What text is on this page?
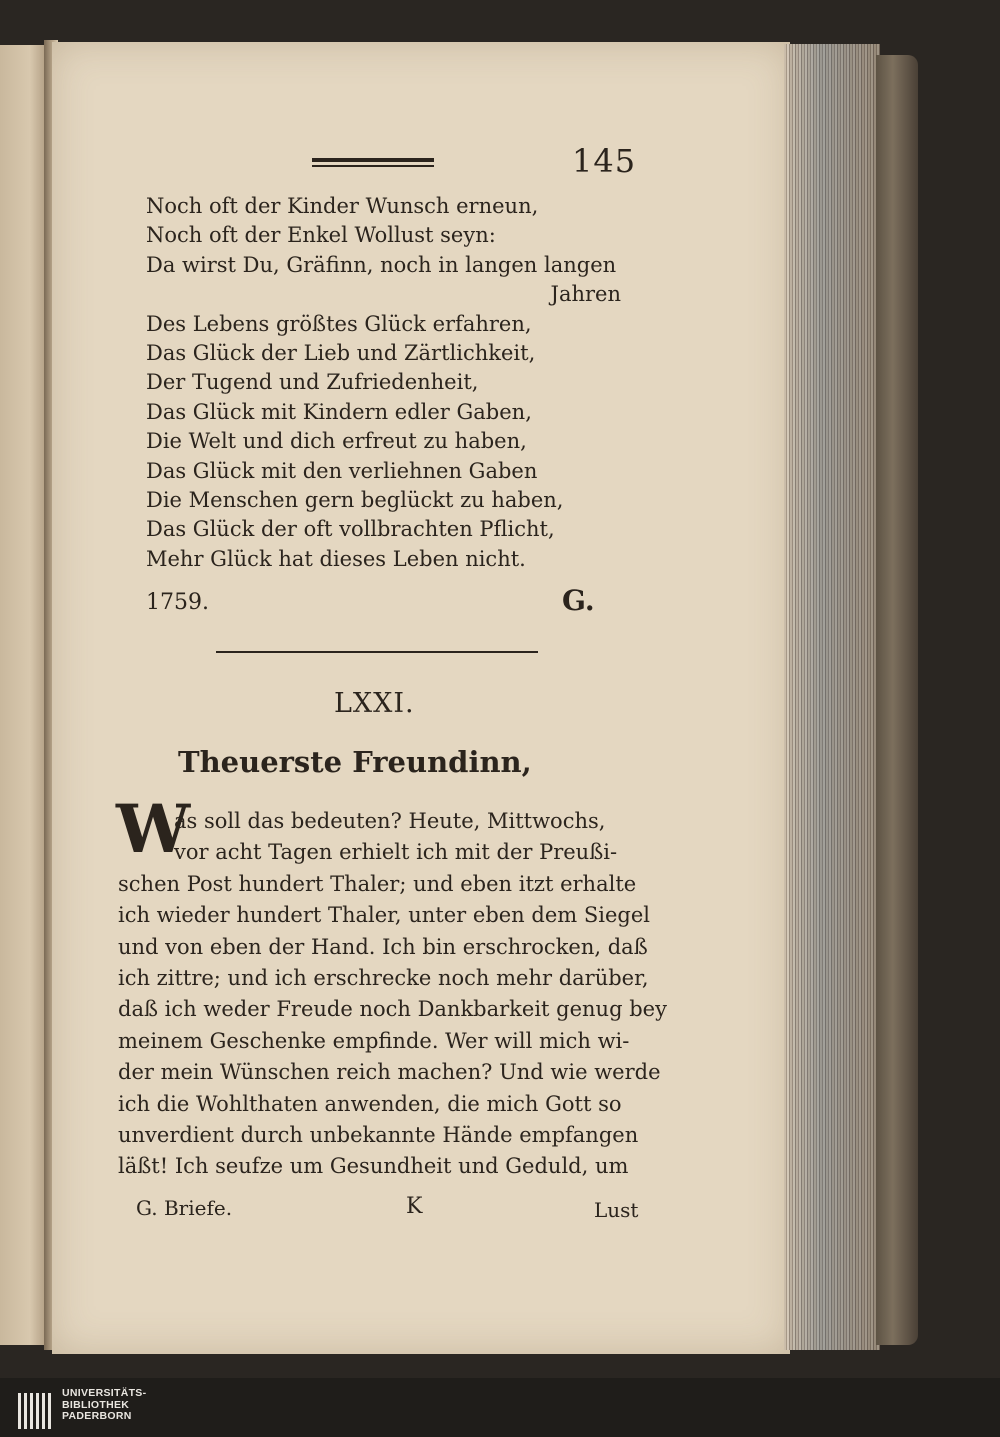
145
Noch oft der Kinder Wunsch erneun,
Noch oft der Enkel Wollust seyn:
Da wirst Du, Gräfinn, noch in langen langen
Jahren
Des Lebens größtes Glück erfahren,
Das Glück der Lieb und Zärtlichkeit,
Der Tugend und Zufriedenheit,
Das Glück mit Kindern edler Gaben,
Die Welt und dich erfreut zu haben,
Das Glück mit den verliehnen Gaben
Die Menschen gern beglückt zu haben,
Das Glück der oft vollbrachten Pflicht,
Mehr Glück hat dieses Leben nicht.
1759.	G.
LXXI.
Theuerste Freundinn,
W
as soll das bedeuten? Heute, Mittwochs,
vor acht Tagen erhielt ich mit der Preußi-
schen Post hundert Thaler; und eben itzt erhalte
ich wieder hundert Thaler, unter eben dem Siegel
und von eben der Hand. Ich bin erschrocken, daß
ich zittre; und ich erschrecke noch mehr darüber,
daß ich weder Freude noch Dankbarkeit genug bey
meinem Geschenke empfinde. Wer will mich wi-
der mein Wünschen reich machen? Und wie werde
ich die Wohlthaten anwenden, die mich Gott so
unverdient durch unbekannte Hände empfangen
läßt! Ich seufze um Gesundheit und Geduld, um
G. Briefe.	K	Lust
UNIVERSITÄTS-
BIBLIOTHEK
PADERBORN
